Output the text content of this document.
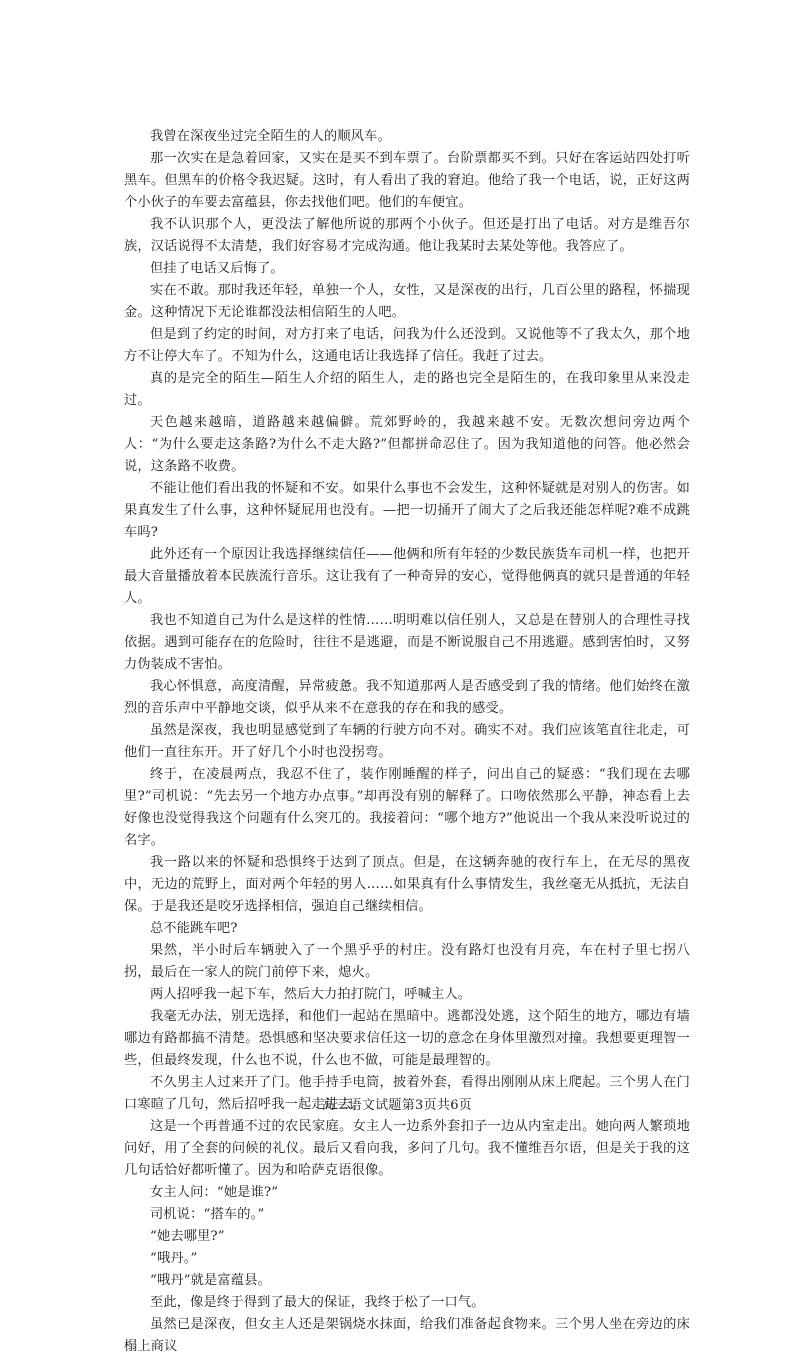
我曾在深夜坐过完全陌生的人的顺风车。

那一次实在是急着回家，又实在是买不到车票了。台阶票都买不到。只好在客运站四处打听黑车。但黑车的价格令我迟疑。这时，有人看出了我的窘迫。他给了我一个电话，说，正好这两个小伙子的车要去富蕴县，你去找他们吧。他们的车便宜。

我不认识那个人，更没法了解他所说的那两个小伙子。但还是打出了电话。对方是维吾尔族，汉话说得不太清楚，我们好容易才完成沟通。他让我某时去某处等他。我答应了。

但挂了电话又后悔了。

实在不敢。那时我还年轻，单独一个人，女性，又是深夜的出行，几百公里的路程，怀揣现金。这种情况下无论谁都没法相信陌生的人吧。

但是到了约定的时间，对方打来了电话，问我为什么还没到。又说他等不了我太久，那个地方不让停大车了。不知为什么，这通电话让我选择了信任。我赶了过去。

真的是完全的陌生—陌生人介绍的陌生人，走的路也完全是陌生的，在我印象里从来没走过。

天色越来越暗，道路越来越偏僻。荒郊野岭的，我越来越不安。无数次想问旁边两个人：“为什么要走这条路?为什么不走大路?”但都拼命忍住了。因为我知道他的问答。他必然会说，这条路不收费。

不能让他们看出我的怀疑和不安。如果什么事也不会发生，这种怀疑就是对别人的伤害。如果真发生了什么事，这种怀疑屁用也没有。—把一切捅开了闹大了之后我还能怎样呢?难不成跳车吗?

此外还有一个原因让我选择继续信任——他俩和所有年轻的少数民族货车司机一样，也把开最大音量播放着本民族流行音乐。这让我有了一种奇异的安心，觉得他俩真的就只是普通的年轻人。

我也不知道自己为什么是这样的性情……明明难以信任别人，又总是在替别人的合理性寻找依据。遇到可能存在的危险时，往往不是逃避，而是不断说服自己不用逃避。感到害怕时，又努力伪装成不害怕。

我心怀惧意，高度清醒，异常疲惫。我不知道那两人是否感受到了我的情绪。他们始终在激烈的音乐声中平静地交谈，似乎从来不在意我的存在和我的感受。

虽然是深夜，我也明显感觉到了车辆的行驶方向不对。确实不对。我们应该笔直往北走，可他们一直往东开。开了好几个小时也没拐弯。

终于，在凌晨两点，我忍不住了，装作刚睡醒的样子，问出自己的疑惑：“我们现在去哪里?”司机说：“先去另一个地方办点事。”却再没有别的解释了。口吻依然那么平静，神态看上去好像也没觉得我这个问题有什么突兀的。我接着问：“哪个地方?”他说出一个我从来没听说过的名字。

我一路以来的怀疑和恐惧终于达到了顶点。但是，在这辆奔驰的夜行车上，在无尽的黑夜中，无边的荒野上，面对两个年轻的男人……如果真有什么事情发生，我丝毫无从抵抗，无法自保。于是我还是咬牙选择相信，强迫自己继续相信。

总不能跳车吧?

果然，半小时后车辆驶入了一个黑乎乎的村庄。没有路灯也没有月亮，车在村子里七拐八拐，最后在一家人的院门前停下来，熄火。

两人招呼我一起下车，然后大力拍打院门，呼喊主人。

我毫无办法，别无选择，和他们一起站在黑暗中。逃都没处逃，这个陌生的地方，哪边有墙哪边有路都搞不清楚。恐惧感和坚决要求信任这一切的意念在身体里激烈对撞。我想要更理智一些，但最终发现，什么也不说，什么也不做，可能是最理智的。

不久男主人过来开了门。他手持手电筒，披着外套，看得出刚刚从床上爬起。三个男人在门口寒暄了几句，然后招呼我一起走进去。

这是一个再普通不过的农民家庭。女主人一边系外套扣子一边从内室走出。她向两人繁琐地问好，用了全套的问候的礼仪。最后又看向我，多问了几句。我不懂维吾尔语，但是关于我的这几句话恰好都听懂了。因为和哈萨克语很像。

女主人问：“她是谁?”

司机说：“搭车的。”

“她去哪里?”

“哦丹。”

“哦丹”就是富蕴县。

至此，像是终于得到了最大的保证，我终于松了一口气。

虽然已是深夜，但女主人还是架锅烧水抹面，给我们准备起食物来。三个男人坐在旁边的床榻上商议

高三语文试题第3页共6页
